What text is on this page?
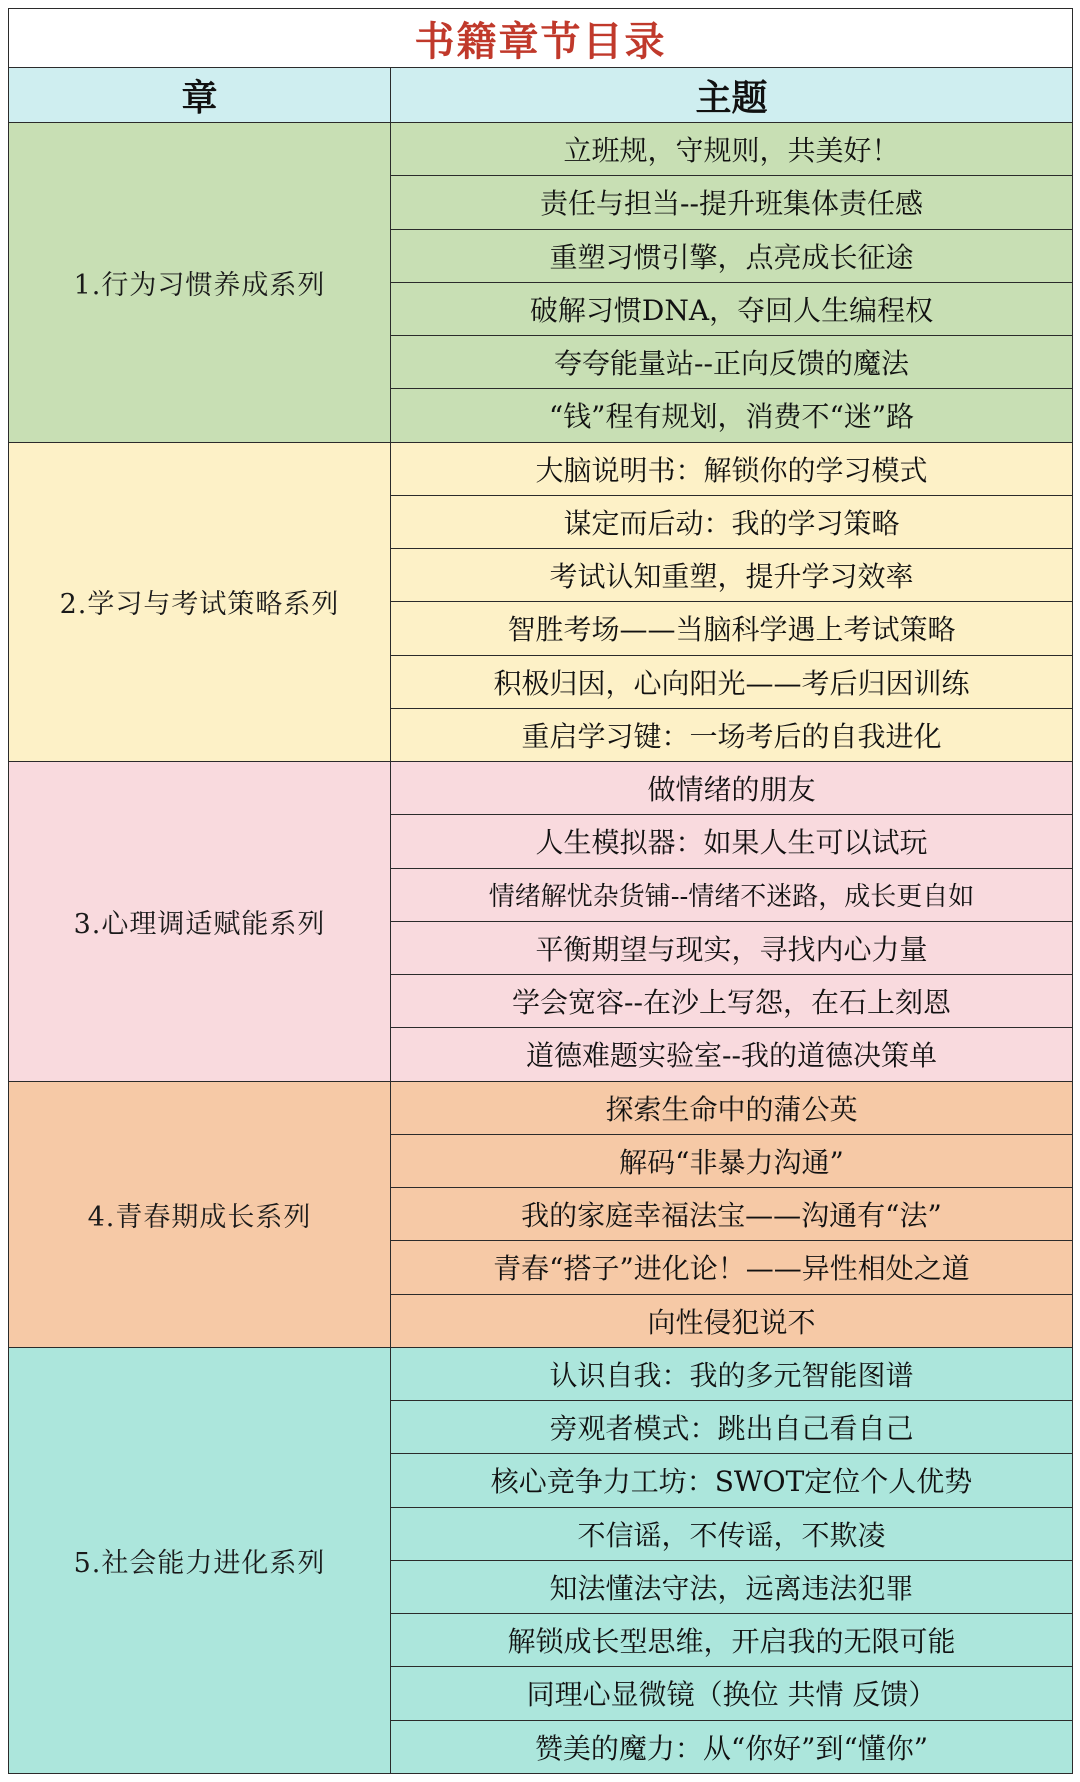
书籍章节目录	
章	主题
1.行为习惯养成系列	立班规，守规则，共美好！
	责任与担当--提升班集体责任感
	重塑习惯引擎，点亮成长征途
	破解习惯DNA，夺回人生编程权
	夸夸能量站--正向反馈的魔法
	“钱”程有规划，消费不“迷”路
2.学习与考试策略系列	大脑说明书：解锁你的学习模式
	谋定而后动：我的学习策略
	考试认知重塑，提升学习效率
	智胜考场——当脑科学遇上考试策略
	积极归因，心向阳光——考后归因训练
	重启学习键：一场考后的自我进化
3.心理调适赋能系列	做情绪的朋友
	人生模拟器：如果人生可以试玩
	情绪解忧杂货铺--情绪不迷路，成长更自如
	平衡期望与现实，寻找内心力量
	学会宽容--在沙上写怨，在石上刻恩
	道德难题实验室--我的道德决策单
4.青春期成长系列	探索生命中的蒲公英
	解码“非暴力沟通”
	我的家庭幸福法宝——沟通有“法”
	青春“搭子”进化论！——异性相处之道
	向性侵犯说不
5.社会能力进化系列	认识自我：我的多元智能图谱
	旁观者模式：跳出自己看自己
	核心竞争力工坊：SWOT定位个人优势
	不信谣，不传谣，不欺凌
	知法懂法守法，远离违法犯罪
	解锁成长型思维，开启我的无限可能
	同理心显微镜（换位 共情 反馈）
	赞美的魔力：从“你好”到“懂你”
